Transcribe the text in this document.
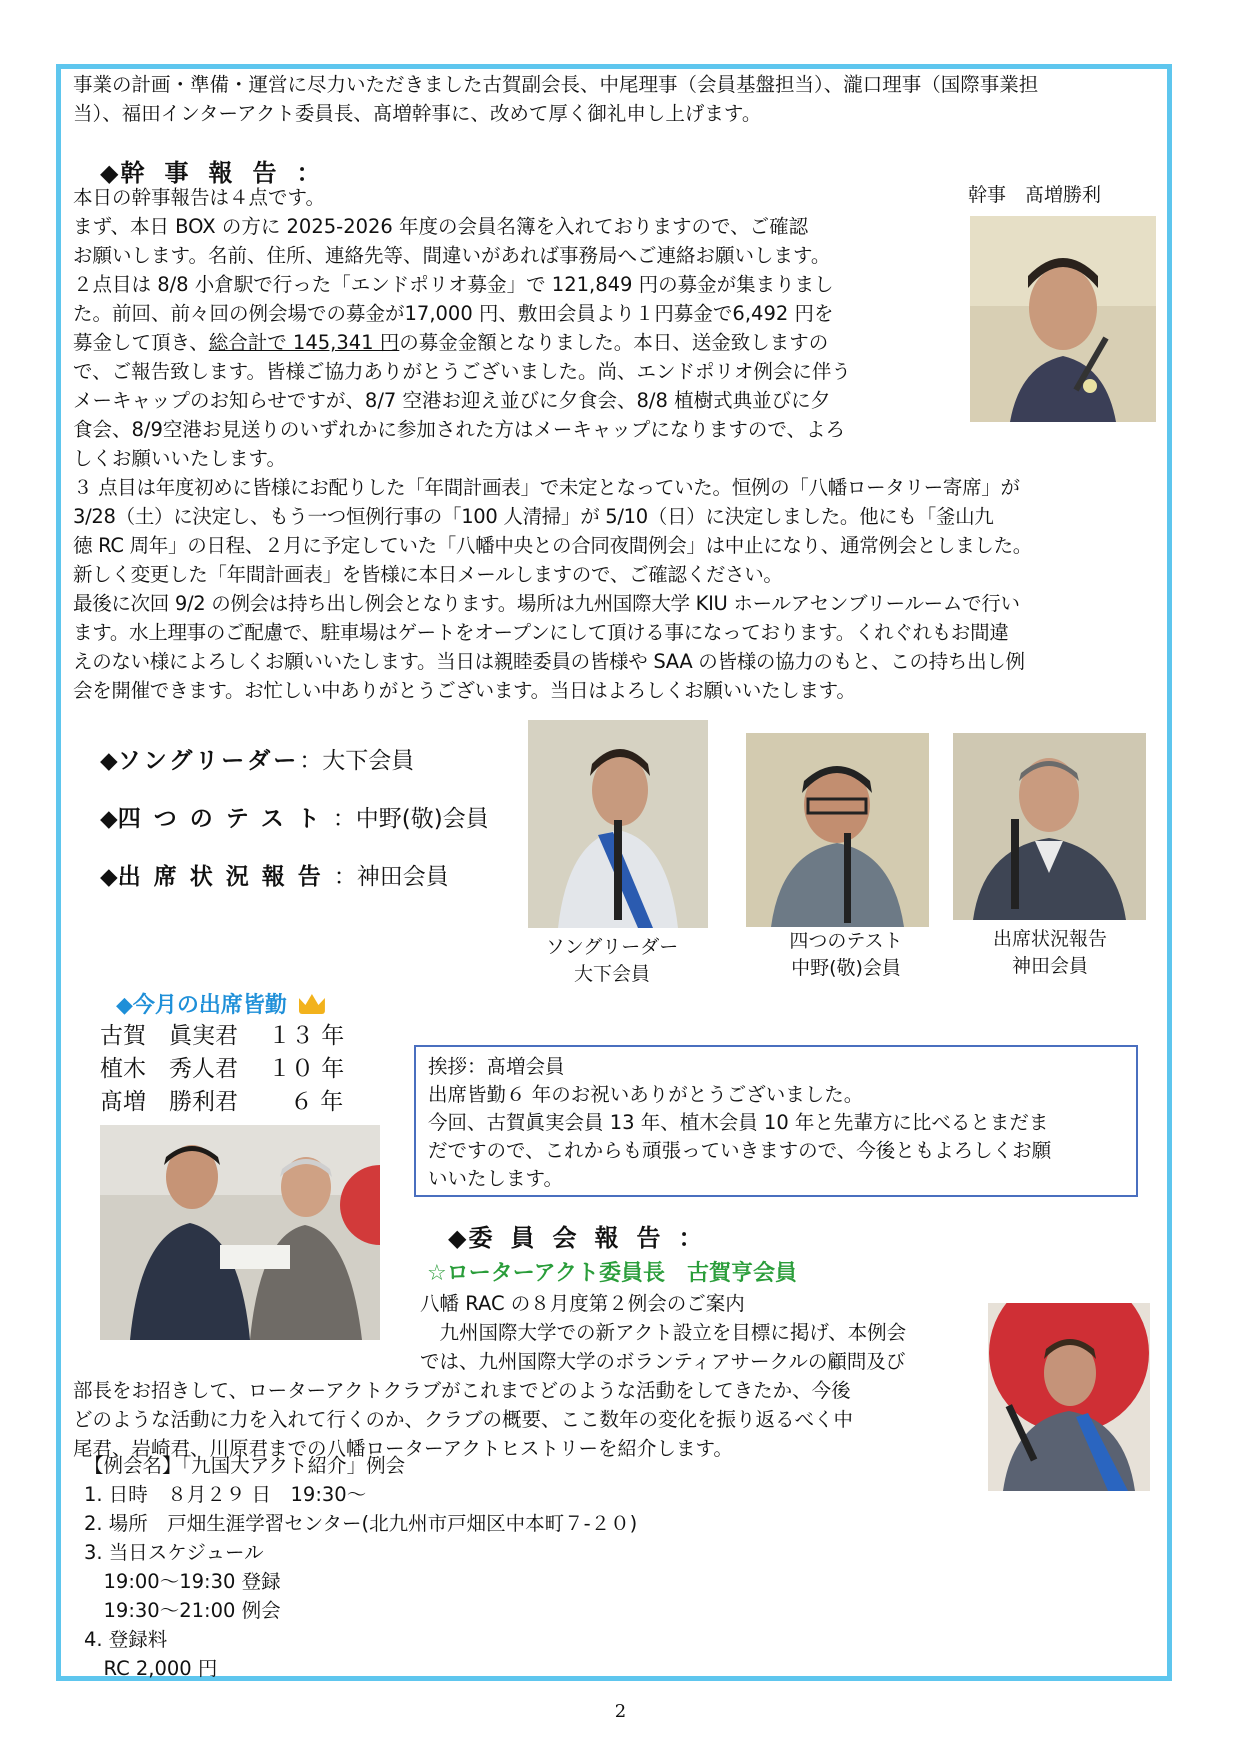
事業の計画・準備・運営に尽力いただきました古賀副会長、中尾理事（会員基盤担当）、瀧口理事（国際事業担

当）、福田インターアクト委員長、髙増幹事に、改めて厚く御礼申し上げます。

◆幹事報告：
幹事　髙増勝利

本日の幹事報告は４点です。

まず、本日 BOX の方に 2025-2026 年度の会員名簿を入れておりますので、ご確認

お願いします。名前、住所、連絡先等、間違いがあれば事務局へご連絡お願いします。

２点目は 8/8 小倉駅で行った「エンドポリオ募金」で 121,849 円の募金が集まりまし

た。前回、前々回の例会場での募金が17,000 円、敷田会員より１円募金で6,492 円を

募金して頂き、総合計で 145,341 円の募金金額となりました。本日、送金致しますの

で、ご報告致します。皆様ご協力ありがとうございました。尚、エンドポリオ例会に伴う

メーキャップのお知らせですが、8/7 空港お迎え並びに夕食会、8/8 植樹式典並びに夕

食会、8/9空港お見送りのいずれかに参加された方はメーキャップになりますので、よろ

しくお願いいたします。

３ 点目は年度初めに皆様にお配りした「年間計画表」で未定となっていた。恒例の「八幡ロータリー寄席」が

3/28（土）に決定し、もう一つ恒例行事の「100 人清掃」が 5/10（日）に決定しました。他にも「釜山九

徳 RC 周年」の日程、２月に予定していた「八幡中央との合同夜間例会」は中止になり、通常例会としました。

新しく変更した「年間計画表」を皆様に本日メールしますので、ご確認ください。

最後に次回 9/2 の例会は持ち出し例会となります。場所は九州国際大学 KIU ホールアセンブリールームで行い

ます。水上理事のご配慮で、駐車場はゲートをオープンにして頂ける事になっております。くれぐれもお間違

えのない様によろしくお願いいたします。当日は親睦委員の皆様や SAA の皆様の協力のもと、この持ち出し例

会を開催できます。お忙しい中ありがとうございます。当日はよろしくお願いいたします。

◆ソングリーダー：大下会員
◆四つのテスト：中野(敬)会員
◆出席状況報告：神田会員
ソングリーダー
大下会員
四つのテスト
中野(敬)会員
出席状況報告
神田会員
◆今月の出席皆勤
古賀　眞実君 １３ 年
植木　秀人君 １０ 年
髙増　勝利君 ６ 年
挨拶：髙増会員
出席皆勤６ 年のお祝いありがとうございました。
今回、古賀眞実会員 13 年、植木会員 10 年と先輩方に比べるとまだま
だですので、これからも頑張っていきますので、今後ともよろしくお願
いいたします。
◆委員会報告：
☆ローターアクト委員長　古賀亨会員

八幡 RAC の８月度第２例会のご案内

　九州国際大学での新アクト設立を目標に掲げ、本例会

では、九州国際大学のボランティアサークルの顧問及び

部長をお招きして、ローターアクトクラブがこれまでどのような活動をしてきたか、今後

どのような活動に力を入れて行くのか、クラブの概要、ここ数年の変化を振り返るべく中

尾君、岩崎君、川原君までの八幡ローターアクトヒストリーを紹介します。

【例会名】「九国大アクト紹介」例会

1. 日時　８月２９ 日　19:30～

2. 場所　戸畑生涯学習センター(北九州市戸畑区中本町７-２０)

3. 当日スケジュール

　19:00～19:30 登録

　19:30～21:00 例会

4. 登録料

　RC 2,000 円

2
